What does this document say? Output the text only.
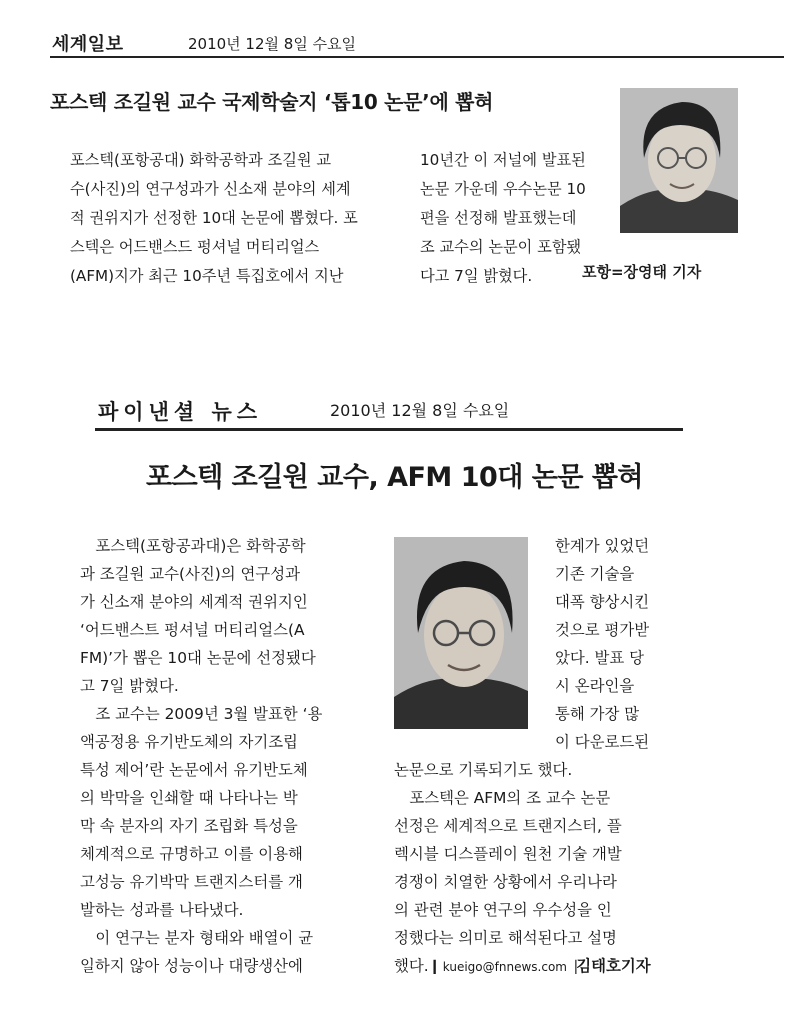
세계일보	2010년 12월 8일 수요일
포스텍 조길원 교수 국제학술지 ‘톱10 논문’에 뽑혀
포스텍(포항공대) 화학공학과 조길원 교
수(사진)의 연구성과가 신소재 분야의 세계
적 권위지가 선정한 10대 논문에 뽑혔다. 포
스텍은 어드밴스드 펑셔널 머티리얼스
(AFM)지가 최근 10주년 특집호에서 지난
10년간 이 저널에 발표된
논문 가운데 우수논문 10
편을 선정해 발표했는데
조 교수의 논문이 포함됐
다고 7일 밝혔다.	포항=장영태 기자
파이낸셜 뉴스	2010년 12월 8일 수요일
포스텍 조길원 교수, AFM 10대 논문 뽑혀

포스텍(포항공과대)은 화학공학
과 조길원 교수(사진)의 연구성과
가 신소재 분야의 세계적 권위지인
‘어드밴스트 펑셔널 머티리얼스(A
FM)’가 뽑은 10대 논문에 선정됐다
고 7일 밝혔다.

조 교수는 2009년 3월 발표한 ‘용
액공정용 유기반도체의 자기조립
특성 제어’란 논문에서 유기반도체
의 박막을 인쇄할 때 나타나는 박
막 속 분자의 자기 조립화 특성을
체계적으로 규명하고 이를 이용해
고성능 유기박막 트랜지스터를 개
발하는 성과를 나타냈다.

이 연구는 분자 형태와 배열이 균
일하지 않아 성능이나 대량생산에

한계가 있었던
기존 기술을
대폭 향상시킨
것으로 평가받
았다. 발표 당
시 온라인을
통해 가장 많
이 다운로드된

논문으로 기록되기도 했다.

포스텍은 AFM의 조 교수 논문
선정은 세계적으로 트랜지스터, 플
렉시블 디스플레이 원천 기술 개발
경쟁이 치열한 상황에서 우리나라
의 관련 분야 연구의 우수성을 인
정했다는 의미로 해석된다고 설명
했다. ▎kueigo@fnnews.com▕김태호기자
